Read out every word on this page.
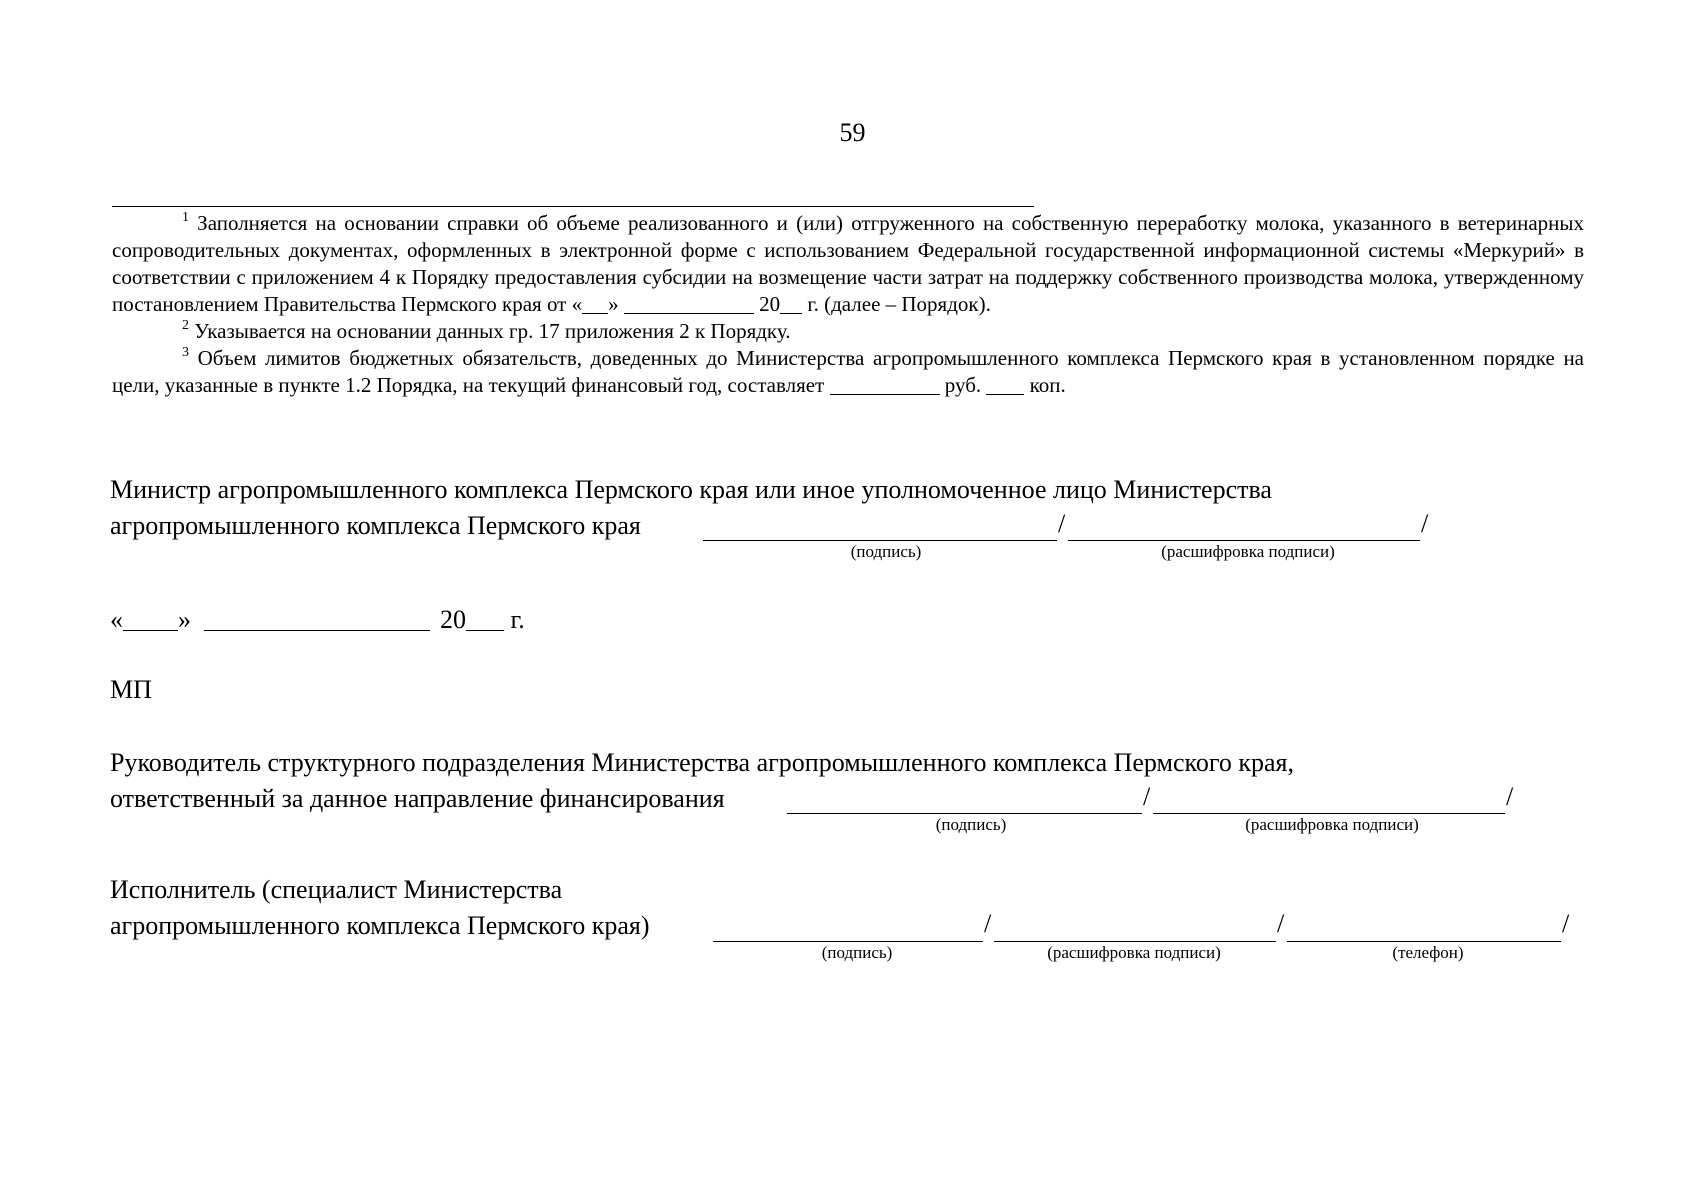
59

$^1$ Заполняется на основании справки об объеме реализованного и (или) отгруженного на собственную переработку молока, указанного в ветеринарных сопроводительных документах, оформленных в электронной форме с использованием Федеральной государственной информационной системы «Меркурий» в соответствии с приложением 4 к Порядку предоставления субсидии на возмещение части затрат на поддержку собственного производства молока, утвержденному постановлением Правительства Пермского края от « »	20 г. (далее – Порядок).

$^2$ Указывается на основании данных гр. 17 приложения 2 к Порядку.

$^3$ Объем лимитов бюджетных обязательств, доведенных до Министерства агропромышленного комплекса Пермского края в установленном порядке на цели, указанные в пункте 1.2 Порядка, на текущий финансовый год, составляет	руб.  коп.

Министр агропромышленного комплекса Пермского края или иное уполномоченное лицо Министерства
агропромышленного комплекса Пермского края	/	/
(подпись)	(расшифровка подписи)
« »	20 г.
МП
Руководитель структурного подразделения Министерства агропромышленного комплекса Пермского края,
ответственный за данное направление финансирования	/	/
(подпись)	(расшифровка подписи)
Исполнитель (специалист Министерства
агропромышленного комплекса Пермского края)	/	/	/
(подпись)	(расшифровка подписи)	(телефон)
